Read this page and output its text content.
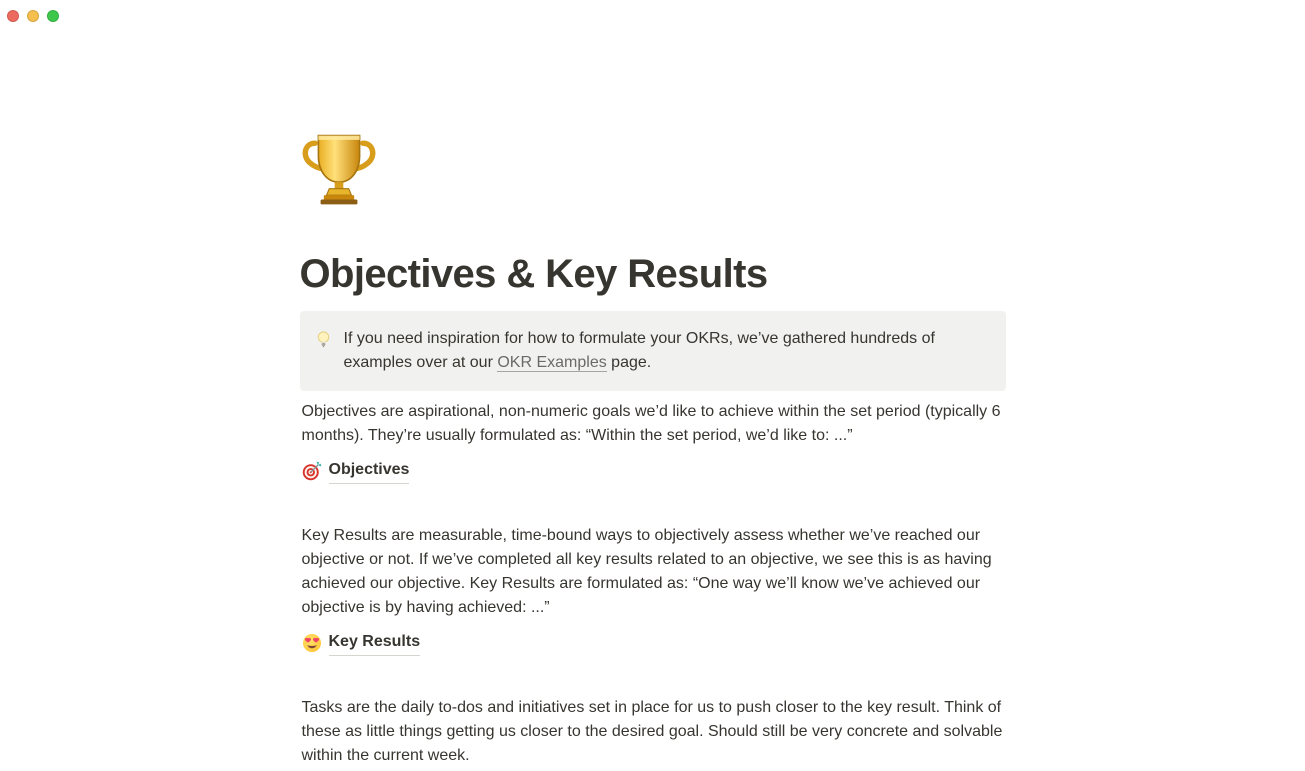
Objectives & Key Results
If you need inspiration for how to formulate your OKRs, we’ve gathered hundreds of examples over at our OKR Examples page.

Objectives are aspirational, non-numeric goals we’d like to achieve within the set period (typically 6 months). They’re usually formulated as: “Within the set period, we’d like to: ...”

Objectives

Key Results are measurable, time-bound ways to objectively assess whether we’ve reached our objective or not. If we’ve completed all key results related to an objective, we see this is as having achieved our objective. Key Results are formulated as: “One way we’ll know we’ve achieved our objective is by having achieved: ...”

Key Results

Tasks are the daily to-dos and initiatives set in place for us to push closer to the key result. Think of these as little things getting us closer to the desired goal. Should still be very concrete and solvable within the current week.
